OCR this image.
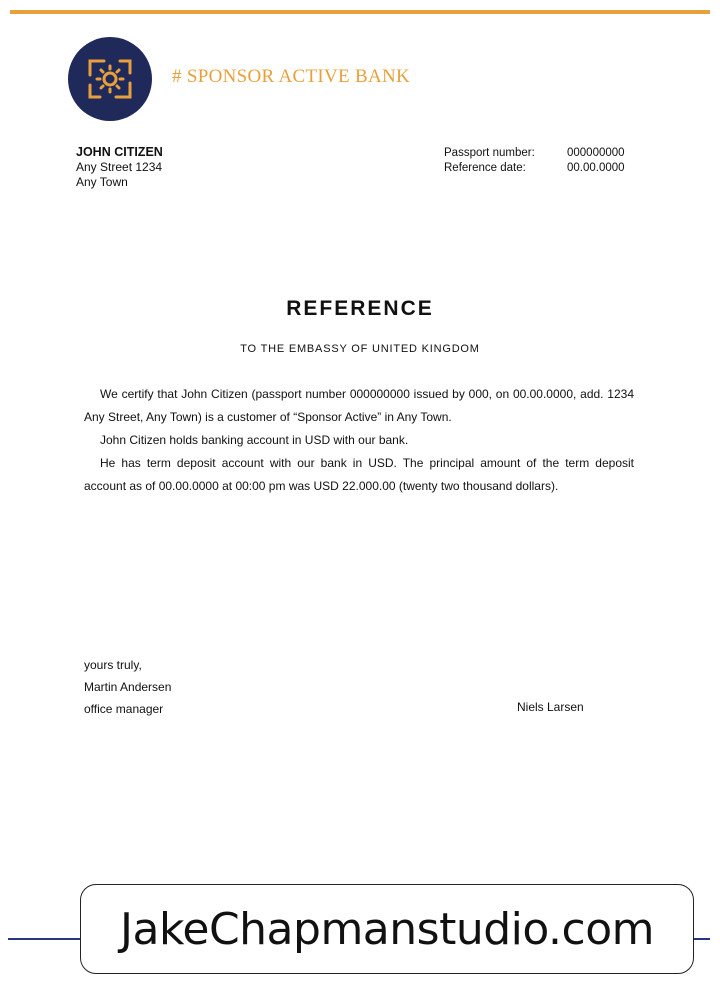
# SPONSOR ACTIVE BANK
JOHN CITIZEN
Any Street 1234
Any Town
Passport number:	000000000
Reference date:	00.00.0000
REFERENCE
TO THE EMBASSY OF UNITED KINGDOM

We certify that John Citizen (passport number 000000000 issued by 000, on 00.00.0000, add. 1234 Any Street, Any Town) is a customer of “Sponsor Active” in Any Town.

John Citizen holds banking account in USD with our bank.

He has term deposit account with our bank in USD. The principal amount of the term deposit account as of 00.00.0000 at 00:00 pm was USD 22.000.00 (twenty two thousand dollars).

yours truly,
Martin Andersen
office manager	Niels Larsen
JakeChapmanstudio.com
